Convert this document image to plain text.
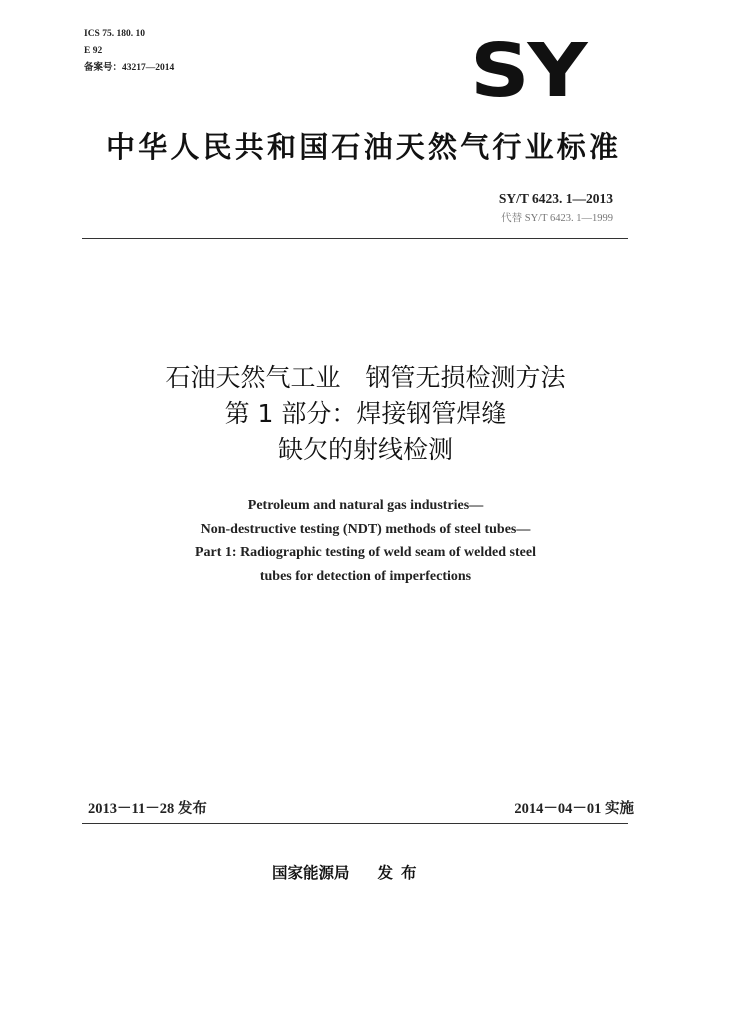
ICS 75. 180. 10
E 92
备案号：43217—2014	SY
中华人民共和国石油天然气行业标准
SY/T 6423. 1—2013
代替 SY/T 6423. 1—1999
石油天然气工业　钢管无损检测方法
第 1 部分：焊接钢管焊缝
缺欠的射线检测
Petroleum and natural gas industries—
Non-destructive testing (NDT) methods of steel tubes—
Part 1: Radiographic testing of weld seam of welded steel
tubes for detection of imperfections
2013－11－28 发布	2014－04－01 实施
国家能源局 发布
